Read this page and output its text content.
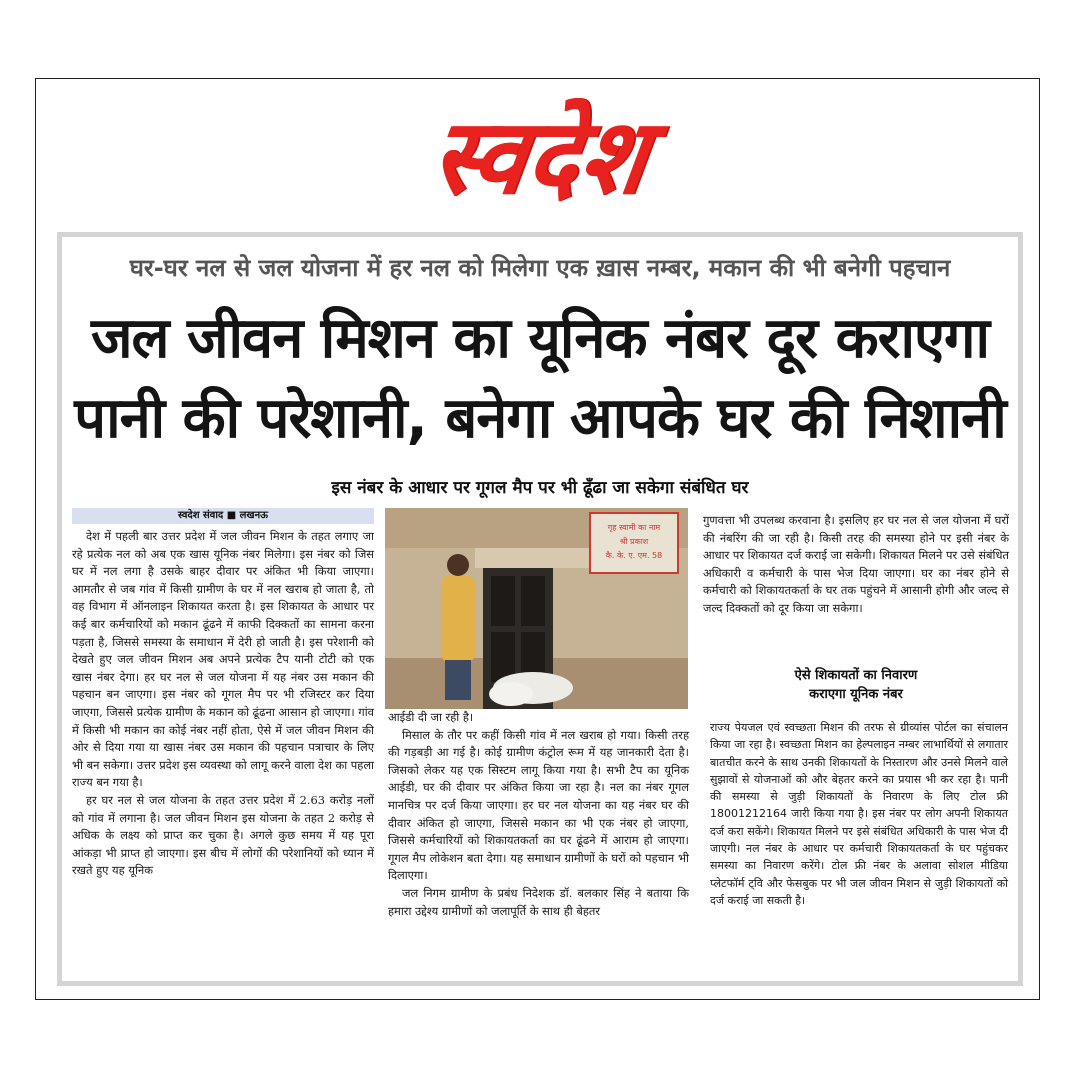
स्वदेश
घर-घर नल से जल योजना में हर नल को मिलेगा एक ख़ास नम्बर, मकान की भी बनेगी पहचान
जल जीवन मिशन का यूनिक नंबर दूर कराएगा
पानी की परेशानी, बनेगा आपके घर की निशानी
इस नंबर के आधार पर गूगल मैप पर भी ढूँढा जा सकेगा संबंधित घर
स्वदेश संवाद ■ लखनऊ

देश में पहली बार उत्तर प्रदेश में जल जीवन मिशन के तहत लगाए जा रहे प्रत्येक नल को अब एक खास यूनिक नंबर मिलेगा। इस नंबर को जिस घर में नल लगा है उसके बाहर दीवार पर अंकित भी किया जाएगा। आमतौर से जब गांव में किसी ग्रामीण के घर में नल खराब हो जाता है, तो वह विभाग में ऑनलाइन शिकायत करता है। इस शिकायत के आधार पर कई बार कर्मचारियों को मकान ढूंढने में काफी दिक्कतों का सामना करना पड़ता है, जिससे समस्या के समाधान में देरी हो जाती है। इस परेशानी को देखते हुए जल जीवन मिशन अब अपने प्रत्येक टैप यानी टोटी को एक खास नंबर देगा। हर घर नल से जल योजना में यह नंबर उस मकान की पहचान बन जाएगा। इस नंबर को गूगल मैप पर भी रजिस्टर कर दिया जाएगा, जिससे प्रत्येक ग्रामीण के मकान को ढूंढना आसान हो जाएगा। गांव में किसी भी मकान का कोई नंबर नहीं होता, ऐसे में जल जीवन मिशन की ओर से दिया गया या खास नंबर उस मकान की पहचान पत्राचार के लिए भी बन सकेगा। उत्तर प्रदेश इस व्यवस्था को लागू करने वाला देश का पहला राज्य बन गया है।

हर घर नल से जल योजना के तहत उत्तर प्रदेश में 2.63 करोड़ नलों को गांव में लगाना है। जल जीवन मिशन इस योजना के तहत 2 करोड़ से अधिक के लक्ष्य को प्राप्त कर चुका है। अगले कुछ समय में यह पूरा आंकड़ा भी प्राप्त हो जाएगा। इस बीच में लोगों की परेशानियों को ध्यान में रखते हुए यह यूनिक

गृह स्वामी का नाम
श्री प्रकाश
कै. के. ए. एम. 58

आईडी दी जा रही है।

मिसाल के तौर पर कहीं किसी गांव में नल खराब हो गया। किसी तरह की गड़बड़ी आ गई है। कोई ग्रामीण कंट्रोल रूम में यह जानकारी देता है। जिसको लेकर यह एक सिस्टम लागू किया गया है। सभी टैप का यूनिक आईडी, घर की दीवार पर अंकित किया जा रहा है। नल का नंबर गूगल मानचित्र पर दर्ज किया जाएगा। हर घर नल योजना का यह नंबर घर की दीवार अंकित हो जाएगा, जिससे मकान का भी एक नंबर हो जाएगा, जिससे कर्मचारियों को शिकायतकर्ता का घर ढूंढने में आराम हो जाएगा। गूगल मैप लोकेशन बता देगा। यह समाधान ग्रामीणों के घरों को पहचान भी दिलाएगा।

जल निगम ग्रामीण के प्रबंध निदेशक डॉ. बलकार सिंह ने बताया कि हमारा उद्देश्य ग्रामीणों को जलापूर्ति के साथ ही बेहतर

गुणवत्ता भी उपलब्ध करवाना है। इसलिए हर घर नल से जल योजना में घरों की नंबरिंग की जा रही है। किसी तरह की समस्या होने पर इसी नंबर के आधार पर शिकायत दर्ज कराई जा सकेगी। शिकायत मिलने पर उसे संबंधित अधिकारी व कर्मचारी के पास भेज दिया जाएगा। घर का नंबर होने से कर्मचारी को शिकायतकर्ता के घर तक पहुंचने में आसानी होगी और जल्द से जल्द दिक्कतों को दूर किया जा सकेगा।

ऐसे शिकायतों का निवारण
कराएगा यूनिक नंबर

राज्य पेयजल एवं स्वच्छता मिशन की तरफ से ग्रीव्यांस पोर्टल का संचालन किया जा रहा है। स्वच्छता मिशन का हेल्पलाइन नम्बर लाभार्थियों से लगातार बातचीत करने के साथ उनकी शिकायतों के निस्तारण और उनसे मिलने वाले सुझावों से योजनाओं को और बेहतर करने का प्रयास भी कर रहा है। पानी की समस्या से जुड़ी शिकायतों के निवारण के लिए टोल फ्री 18001212164 जारी किया गया है। इस नंबर पर लोग अपनी शिकायत दर्ज करा सकेंगे। शिकायत मिलने पर इसे संबंधित अधिकारी के पास भेज दी जाएगी। नल नंबर के आधार पर कर्मचारी शिकायतकर्ता के घर पहुंचकर समस्या का निवारण करेंगे। टोल फ्री नंबर के अलावा सोशल मीडिया प्लेटफॉर्म ट्वि और फेसबुक पर भी जल जीवन मिशन से जुड़ी शिकायतों को दर्ज कराई जा सकती है।
